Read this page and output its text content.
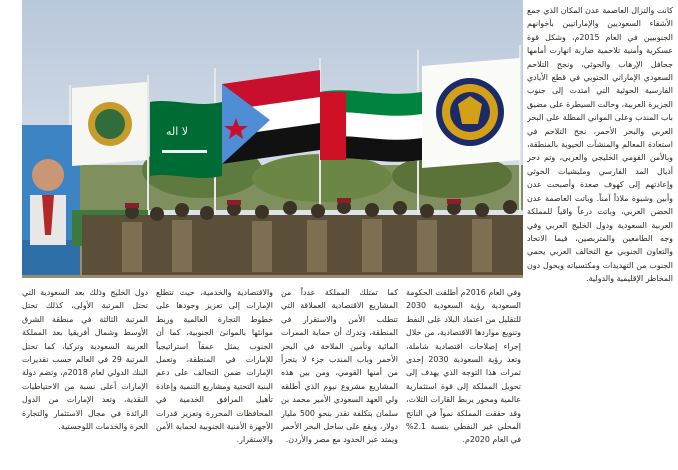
لا اله

كانت والتزال العاصمة عدن المكان الذي جمع الأشقاء السعوديين والإماراتيين بأخوانهم الجنوبيين في العام 2015م، وشكل قوة عسكرية وأمنية تلاحمية ضاربة انهارت أمامها جحافل الإرهاب والحوثي، ونجح التلاحم السعودي الإماراتي الجنوبي في قطع الأيادي الفارسية الحوثية التي امتدت إلى جنوب الجزيرة العربية، وحالت السيطرة على مضيق باب المندب وعلى المواني المطلة على البحر العربي والبحر الأحمر، نجح التلاحم في استعادة المعالم والمنشآت الحيوية بالمنطقة، وبالأمن القومي الخليجي والعربي، وتم دحر أذيال المد الفارسي ومليشيات الحوثي وإعادتهم إلى كهوف صعدة وأصبحت عدن وأبين وشبوة ملاذاً آمناً. وباتت العاصمة عدن الحضن العربي، وباتت درعاً واقياً للمملكة العربية السعودية ودول الخليج العربي وفي وجه الطامعين والمتربصين، فيما الاتحاد والتعاون الجنوبي مع التحالف العربي يحمي الجنوب من التهديدات ومكتسباته ويحول دون المخاطر الإقليمية والدولية.

وفي العام 2016م أطلقت الحكومة السعودية رؤية السعودية 2030 للتقليل من اعتماد البلاد على النفط وتنويع مواردها الاقتصادية، من خلال إجراء إصلاحات اقتصادية شاملة، وتعد رؤية السعودية 2030 إحدى ثمرات هذا التوجه الذي يهدف إلى تحويل المملكة إلى قوة استثمارية عالمية ومحور يربط القارات الثلاث، وقد حققت المملكة نمواً في الناتج المحلي غير النفطي بنسبة 2.1% في العام 2020م.

كما تمتلك المملكة عدداً من المشاريع الاقتصادية العملاقة التي تتطلب الأمن والاستقرار في المنطقة، وتدرك أن حماية الممرات المائية وتأمين الملاحة في البحر الأحمر وباب المندب جزء لا يتجزأ من أمنها القومي، ومن بين هذه المشاريع مشروع نيوم الذي أطلقه ولي العهد السعودي الأمير محمد بن سلمان بتكلفة تقدر بنحو 500 مليار دولار، ويقع على ساحل البحر الأحمر ويمتد عبر الحدود مع مصر والأردن.

والاقتصادية والخدمية، حيث تتطلع الإمارات إلى تعزيز وجودها على خطوط التجارة العالمية وربط موانئها بالموانئ الجنوبية، كما أن الجنوب يمثل عمقاً استراتيجياً للإمارات في المنطقة، وتعمل الإمارات ضمن التحالف على دعم البنية التحتية ومشاريع التنمية وإعادة تأهيل المرافق الخدمية في المحافظات المحررة وتعزيز قدرات الأجهزة الأمنية الجنوبية لحماية الأمن والاستقرار.

دول الخليج وذلك بعد السعودية التي تحتل المرتبة الأولى، كذلك تحتل المرتبة الثالثة في منطقة الشرق الأوسط وشمال أفريقيا بعد المملكة العربية السعودية وتركيا، كما تحتل المرتبة 29 في العالم حسب تقديرات البنك الدولي لعام 2018م، وتضم دولة الإمارات أعلى نسبة من الاحتياطيات النقدية، وتعد الإمارات من الدول الرائدة في مجال الاستثمار والتجارة الحرة والخدمات اللوجستية.
